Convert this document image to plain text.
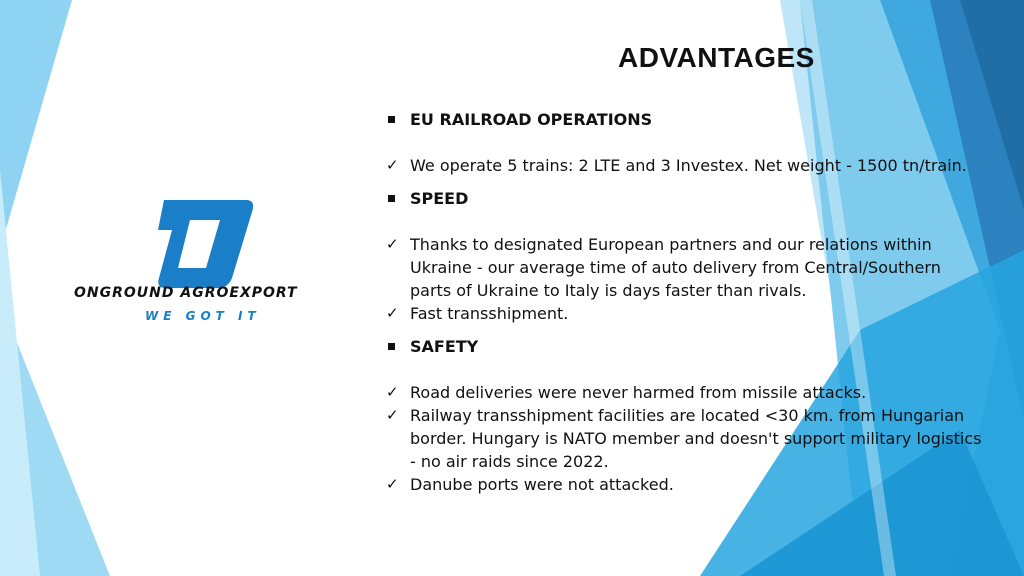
ONGROUND AGROEXPORT
WE GOT IT
ADVANTAGES
EU RAILROAD OPERATIONS
✓ We operate 5 trains: 2 LTE and 3 Investex. Net weight - 1500 tn/train.
SPEED
✓ Thanks to designated European partners and our relations within Ukraine - our average time of auto delivery from Central/Southern parts of Ukraine to Italy is days faster than rivals.
✓ Fast transshipment.
SAFETY
✓ Road deliveries were never harmed from missile attacks.
✓ Railway transshipment facilities are located <30 km. from Hungarian border. Hungary is NATO member and doesn't support military logistics - no air raids since 2022.
✓ Danube ports were not attacked.
